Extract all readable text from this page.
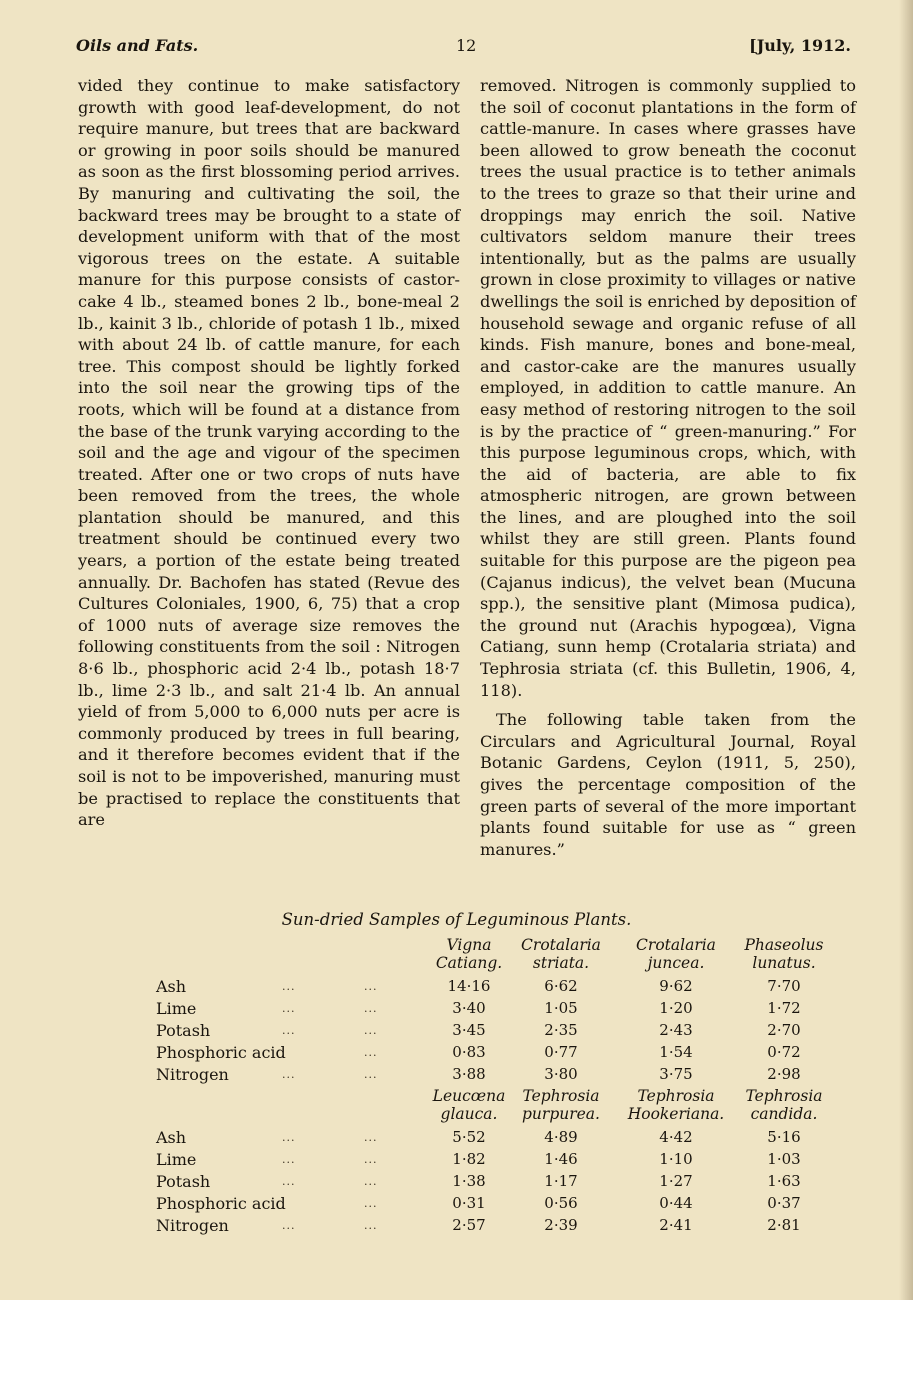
Oils and Fats.	12	[July, 1912.

vided they continue to make satisfactory growth with good leaf-development, do not require manure, but trees that are backward or growing in poor soils should be manured as soon as the first blossoming period arrives. By manuring and cultivating the soil, the backward trees may be brought to a state of development uniform with that of the most vigorous trees on the estate. A suitable manure for this purpose consists of castor-cake 4 lb., steamed bones 2 lb., bone-meal 2 lb., kainit 3 lb., chloride of potash 1 lb., mixed with about 24 lb. of cattle manure, for each tree. This compost should be lightly forked into the soil near the growing tips of the roots, which will be found at a distance from the base of the trunk varying according to the soil and the age and vigour of the specimen treated. After one or two crops of nuts have been removed from the trees, the whole plantation should be manured, and this treatment should be continued every two years, a portion of the estate being treated annually. Dr. Bachofen has stated (Revue des Cultures Coloniales, 1900, 6, 75) that a crop of 1000 nuts of average size removes the following constituents from the soil : Nitrogen 8·6 lb., phosphoric acid 2·4 lb., potash 18·7 lb., lime 2·3 lb., and salt 21·4 lb. An annual yield of from 5,000 to 6,000 nuts per acre is commonly produced by trees in full bearing, and it therefore becomes evident that if the soil is not to be impoverished, manuring must be practised to replace the constituents that are

removed. Nitrogen is commonly supplied to the soil of coconut plantations in the form of cattle-manure. In cases where grasses have been allowed to grow beneath the coconut trees the usual practice is to tether animals to the trees to graze so that their urine and droppings may enrich the soil. Native cultivators seldom manure their trees intentionally, but as the palms are usually grown in close proximity to villages or native dwellings the soil is enriched by deposition of household sewage and organic refuse of all kinds. Fish manure, bones and bone-meal, and castor-cake are the manures usually employed, in addition to cattle manure. An easy method of restoring nitrogen to the soil is by the practice of “ green-manuring.” For this purpose leguminous crops, which, with the aid of bacteria, are able to fix atmospheric nitrogen, are grown between the lines, and are ploughed into the soil whilst they are still green. Plants found suitable for this purpose are the pigeon pea (Cajanus indicus), the velvet bean (Mucuna spp.), the sensitive plant (Mimosa pudica), the ground nut (Arachis hypogœa), Vigna Catiang, sunn hemp (Crotalaria striata) and Tephrosia striata (cf. this Bulletin, 1906, 4, 118).

The following table taken from the Circulars and Agricultural Journal, Royal Botanic Gardens, Ceylon (1911, 5, 250), gives the percentage composition of the green parts of several of the more important plants found suitable for use as “ green manures.”

Sun-dried Samples of Leguminous Plants.
Vigna
Catiang.
Crotalaria
striata.
Crotalaria
juncea.
Phaseolus
lunatus.
Ash	...	...	14·16	6·62	9·62	7·70
Lime	...	...	3·40	1·05	1·20	1·72
Potash	...	...	3·45	2·35	2·43	2·70
Phosphoric acid	...	0·83	0·77	1·54	0·72
Nitrogen	...	...	3·88	3·80	3·75	2·98
Leucœna
glauca.
Tephrosia
purpurea.
Tephrosia
Hookeriana.
Tephrosia
candida.
Ash	...	...	5·52	4·89	4·42	5·16
Lime	...	...	1·82	1·46	1·10	1·03
Potash	...	...	1·38	1·17	1·27	1·63
Phosphoric acid	...	0·31	0·56	0·44	0·37
Nitrogen	...	...	2·57	2·39	2·41	2·81
